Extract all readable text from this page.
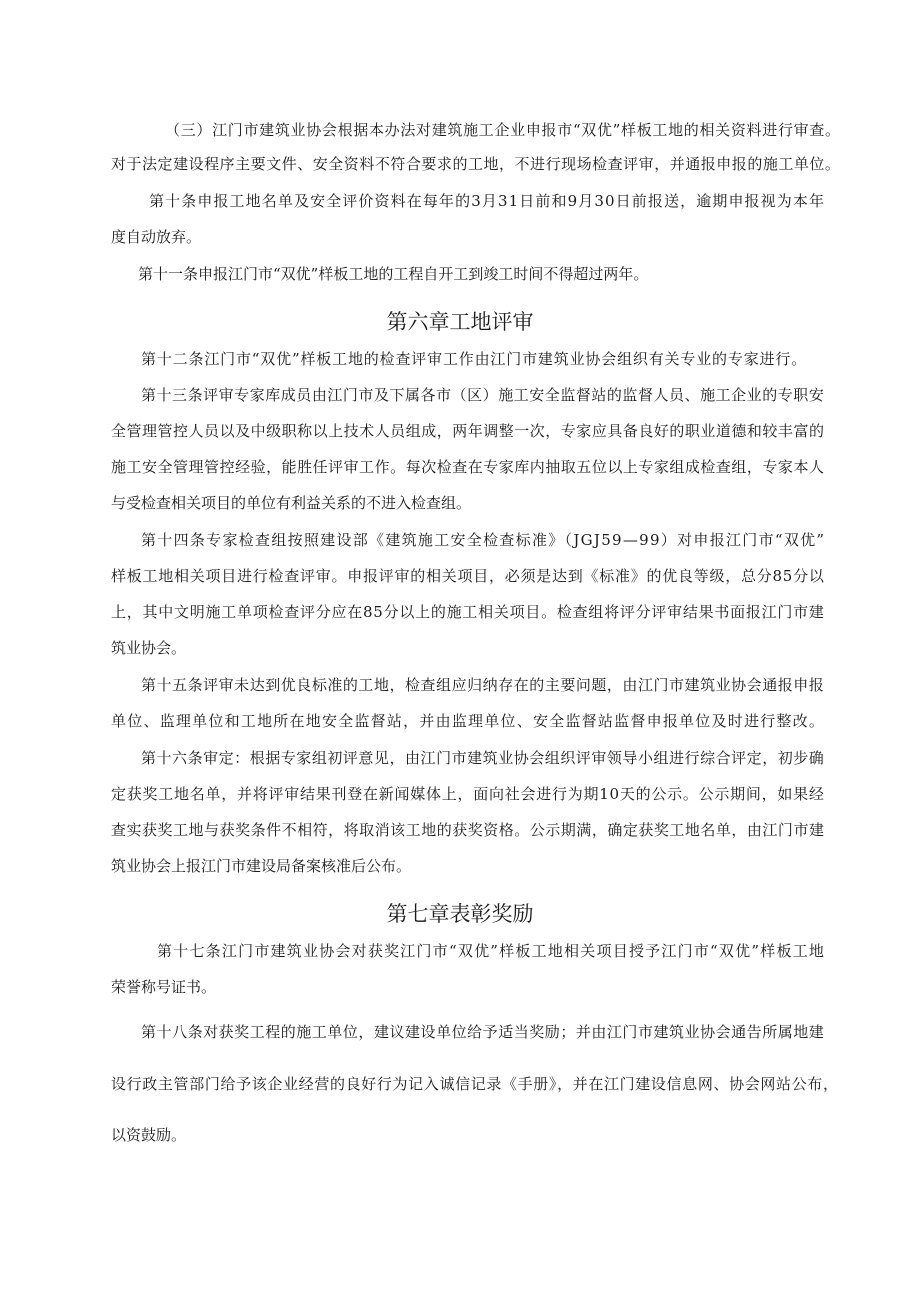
（三）江门市建筑业协会根据本办法对建筑施工企业申报市“双优”样板工地的相关资料进行审查。
对于法定建设程序主要文件、安全资料不符合要求的工地，不进行现场检查评审，并通报申报的施工单位。
第十条申报工地名单及安全评价资料在每年的3月31日前和9月30日前报送，逾期申报视为本年
度自动放弃。
第十一条申报江门市“双优”样板工地的工程自开工到竣工时间不得超过两年。
第六章工地评审
第十二条江门市“双优”样板工地的检查评审工作由江门市建筑业协会组织有关专业的专家进行。
第十三条评审专家库成员由江门市及下属各市（区）施工安全监督站的监督人员、施工企业的专职安
全管理管控人员以及中级职称以上技术人员组成，两年调整一次，专家应具备良好的职业道德和较丰富的
施工安全管理管控经验，能胜任评审工作。每次检查在专家库内抽取五位以上专家组成检查组，专家本人
与受检查相关项目的单位有利益关系的不进入检查组。
第十四条专家检查组按照建设部《建筑施工安全检查标准》（JGJ59—99）对申报江门市“双优”
样板工地相关项目进行检查评审。申报评审的相关项目，必须是达到《标准》的优良等级，总分85分以
上，其中文明施工单项检查评分应在85分以上的施工相关项目。检查组将评分评审结果书面报江门市建
筑业协会。
第十五条评审未达到优良标准的工地，检查组应归纳存在的主要问题，由江门市建筑业协会通报申报
单位、监理单位和工地所在地安全监督站，并由监理单位、安全监督站监督申报单位及时进行整改。
第十六条审定：根据专家组初评意见，由江门市建筑业协会组织评审领导小组进行综合评定，初步确
定获奖工地名单，并将评审结果刊登在新闻媒体上，面向社会进行为期10天的公示。公示期间，如果经
查实获奖工地与获奖条件不相符，将取消该工地的获奖资格。公示期满，确定获奖工地名单，由江门市建
筑业协会上报江门市建设局备案核准后公布。
第七章表彰奖励
第十七条江门市建筑业协会对获奖江门市“双优”样板工地相关项目授予江门市“双优”样板工地
荣誉称号证书。
第十八条对获奖工程的施工单位，建议建设单位给予适当奖励；并由江门市建筑业协会通告所属地建
设行政主管部门给予该企业经营的良好行为记入诚信记录《手册》，并在江门建设信息网、协会网站公布，
以资鼓励。
